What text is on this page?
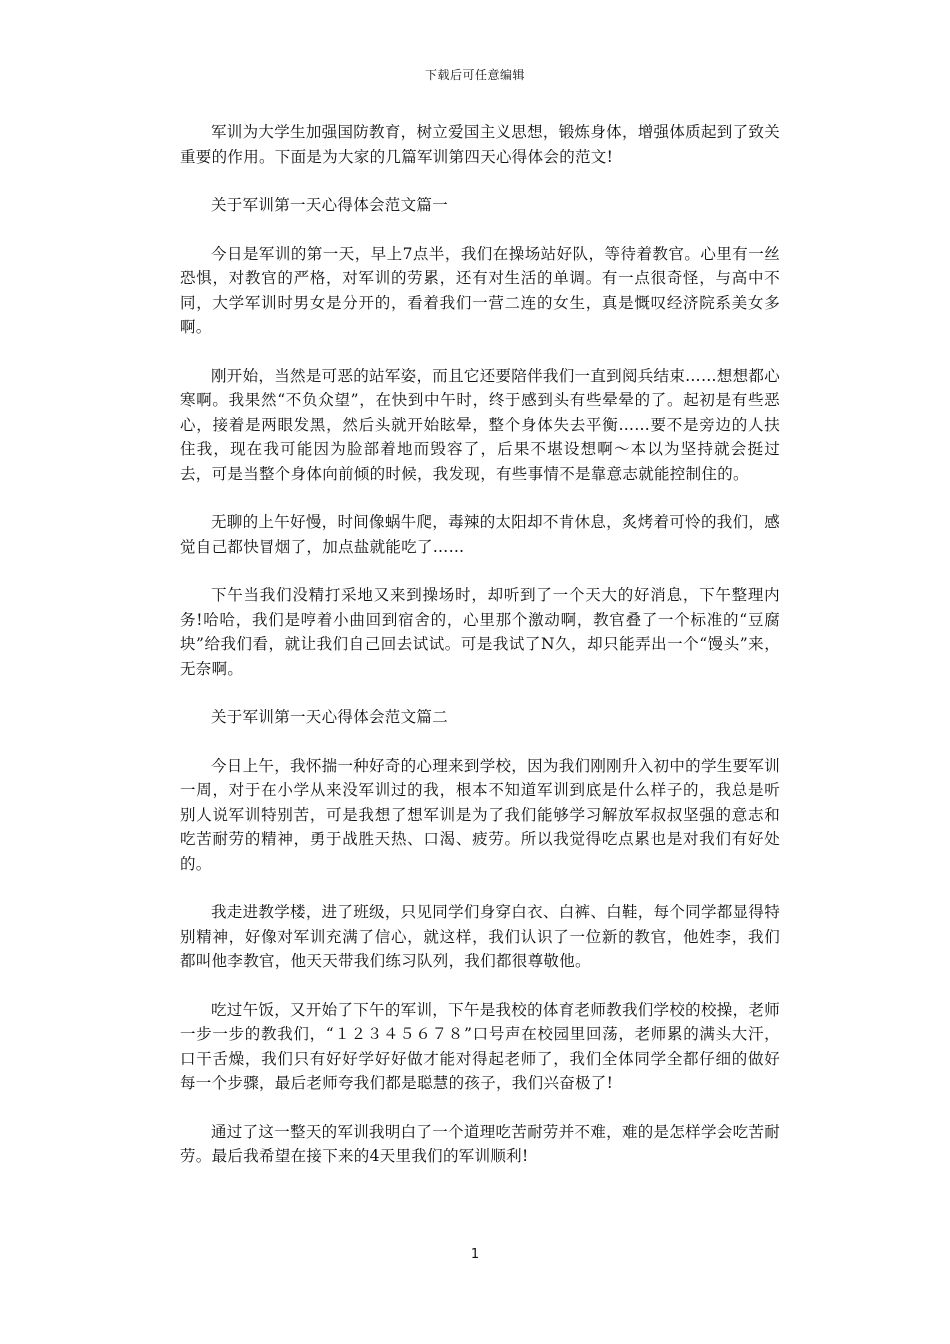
下载后可任意编辑

军训为大学生加强国防教育，树立爱国主义思想，锻炼身体，增强体质起到了致关重要的作用。下面是为大家的几篇军训第四天心得体会的范文!

关于军训第一天心得体会范文篇一

今日是军训的第一天，早上7点半，我们在操场站好队，等待着教官。心里有一丝恐惧，对教官的严格，对军训的劳累，还有对生活的单调。有一点很奇怪，与高中不同，大学军训时男女是分开的，看着我们一营二连的女生，真是慨叹经济院系美女多啊。

刚开始，当然是可恶的站军姿，而且它还要陪伴我们一直到阅兵结束……想想都心寒啊。我果然“不负众望”，在快到中午时，终于感到头有些晕晕的了。起初是有些恶心，接着是两眼发黑，然后头就开始眩晕，整个身体失去平衡……要不是旁边的人扶住我，现在我可能因为脸部着地而毁容了，后果不堪设想啊～本以为坚持就会挺过去，可是当整个身体向前倾的时候，我发现，有些事情不是靠意志就能控制住的。

无聊的上午好慢，时间像蜗牛爬，毒辣的太阳却不肯休息，炙烤着可怜的我们，感觉自己都快冒烟了，加点盐就能吃了……

下午当我们没精打采地又来到操场时，却听到了一个天大的好消息，下午整理内务!哈哈，我们是哼着小曲回到宿舍的，心里那个激动啊，教官叠了一个标准的“豆腐块”给我们看，就让我们自己回去试试。可是我试了N久，却只能弄出一个“馒头”来，无奈啊。

关于军训第一天心得体会范文篇二

今日上午，我怀揣一种好奇的心理来到学校，因为我们刚刚升入初中的学生要军训一周，对于在小学从来没军训过的我，根本不知道军训到底是什么样子的，我总是听别人说军训特别苦，可是我想了想军训是为了我们能够学习解放军叔叔坚强的意志和吃苦耐劳的精神，勇于战胜天热、口渴、疲劳。所以我觉得吃点累也是对我们有好处的。

我走进教学楼，进了班级，只见同学们身穿白衣、白裤、白鞋，每个同学都显得特别精神，好像对军训充满了信心，就这样，我们认识了一位新的教官，他姓李，我们都叫他李教官，他天天带我们练习队列，我们都很尊敬他。

吃过午饭，又开始了下午的军训，下午是我校的体育老师教我们学校的校操，老师一步一步的教我们，“１２３４５６７８”口号声在校园里回荡，老师累的满头大汗，口干舌燥，我们只有好好学好好做才能对得起老师了，我们全体同学全都仔细的做好每一个步骤，最后老师夸我们都是聪慧的孩子，我们兴奋极了!

通过了这一整天的军训我明白了一个道理吃苦耐劳并不难，难的是怎样学会吃苦耐劳。最后我希望在接下来的4天里我们的军训顺利!

1
